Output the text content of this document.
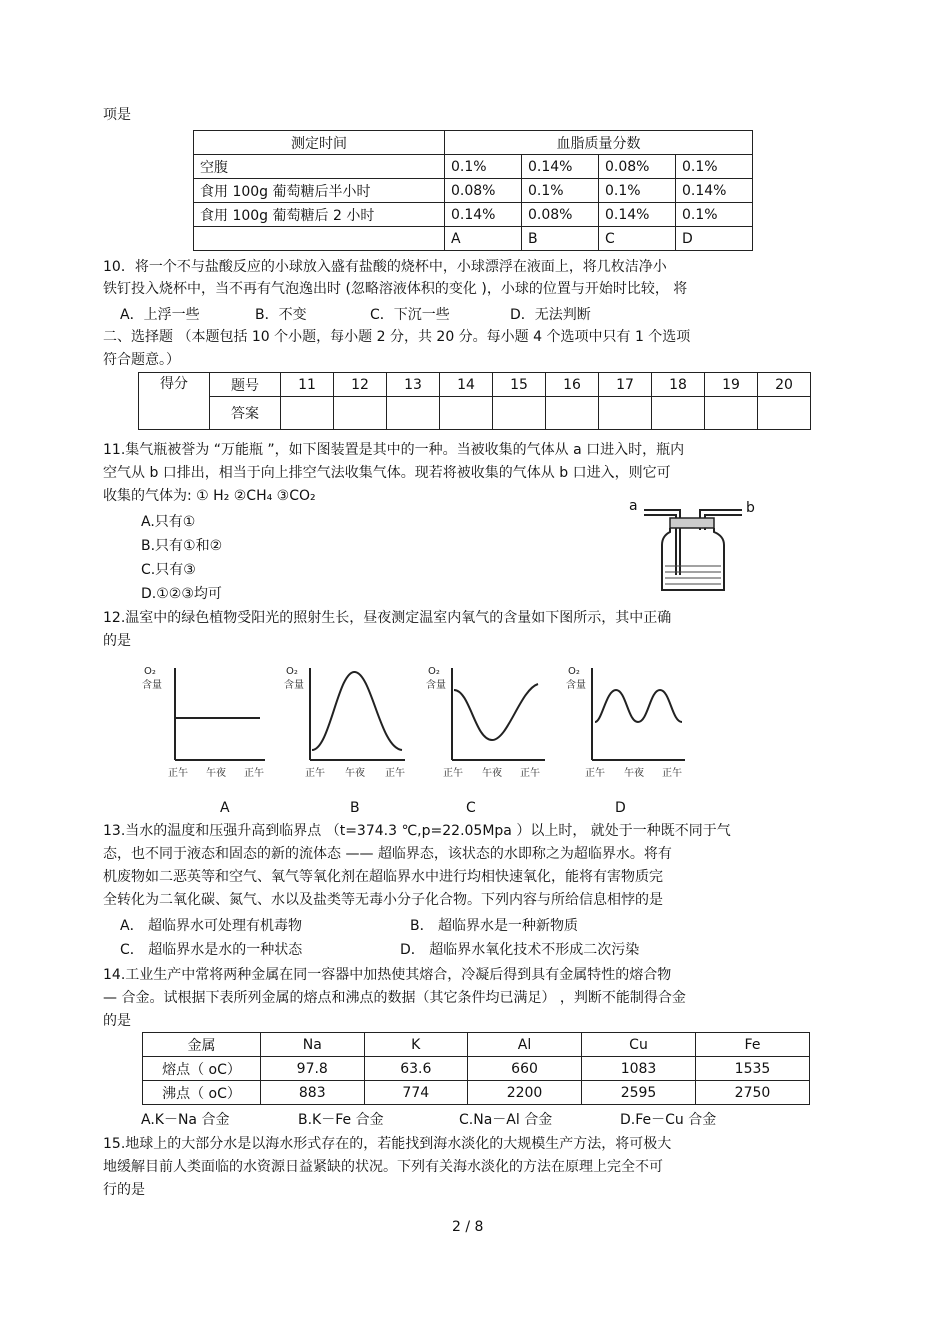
项是
测定时间	血脂质量分数			
空腹	0.1%	0.14%	0.08%	0.1%
食用 100g 葡萄糖后半小时	0.08%	0.1%	0.1%	0.14%
食用 100g 葡萄糖后 2 小时	0.14%	0.08%	0.14%	0.1%
	A	B	C	D
10．将一个不与盐酸反应的小球放入盛有盐酸的烧杯中，小球漂浮在液面上，将几枚洁净小
铁钉投入烧杯中，当不再有气泡逸出时 (忽略溶液体积的变化 )，小球的位置与开始时比较， 将
A．上浮一些	B．不变	C．下沉一些	D．无法判断
二、选择题 （本题包括 10 个小题，每小题 2 分，共 20 分。每小题 4 个选项中只有 1 个选项
符合题意。）
得分	题号	11	12	13	14	15	16	17	18	19	20
	答案										
11.集气瓶被誉为 “万能瓶 ”，如下图装置是其中的一种。当被收集的气体从 a 口进入时，瓶内
空气从 b 口排出，相当于向上排空气法收集气体。现若将被收集的气体从 b 口进入，则它可
收集的气体为: ① H₂ ②CH₄ ③CO₂
A.只有①
B.只有①和②
C.只有③
D.①②③均可
a	b
12.温室中的绿色植物受阳光的照射生长，昼夜测定温室内氧气的含量如下图所示，其中正确
的是
O₂
含量
正午 午夜 正午
O₂
含量
正午 午夜 正午
O₂
含量
正午 午夜 正午
O₂
含量
正午 午夜 正午
A	B	C	D
13.当水的温度和压强升高到临界点 （t=374.3 ℃,p=22.05Mpa ）以上时， 就处于一种既不同于气
态，也不同于液态和固态的新的流体态 —— 超临界态，该状态的水即称之为超临界水。将有
机废物如二恶英等和空气、氧气等氧化剂在超临界水中进行均相快速氧化，能将有害物质完
全转化为二氧化碳、氮气、水以及盐类等无毒小分子化合物。下列内容与所给信息相悖的是
A． 超临界水可处理有机毒物	B． 超临界水是一种新物质
C． 超临界水是水的一种状态	D． 超临界水氧化技术不形成二次污染
14.工业生产中常将两种金属在同一容器中加热使其熔合，冷凝后得到具有金属特性的熔合物
— 合金。试根据下表所列金属的熔点和沸点的数据（其它条件均已满足） ，判断不能制得合金
的是
金属	Na	K	Al	Cu	Fe
熔点（ oC）	97.8	63.6	660	1083	1535
沸点（ oC）	883	774	2200	2595	2750
A.K－Na 合金	B.K－Fe 合金	C.Na－Al 合金	D.Fe－Cu 合金
15.地球上的大部分水是以海水形式存在的，若能找到海水淡化的大规模生产方法，将可极大
地缓解目前人类面临的水资源日益紧缺的状况。下列有关海水淡化的方法在原理上完全不可
行的是
2 / 8
